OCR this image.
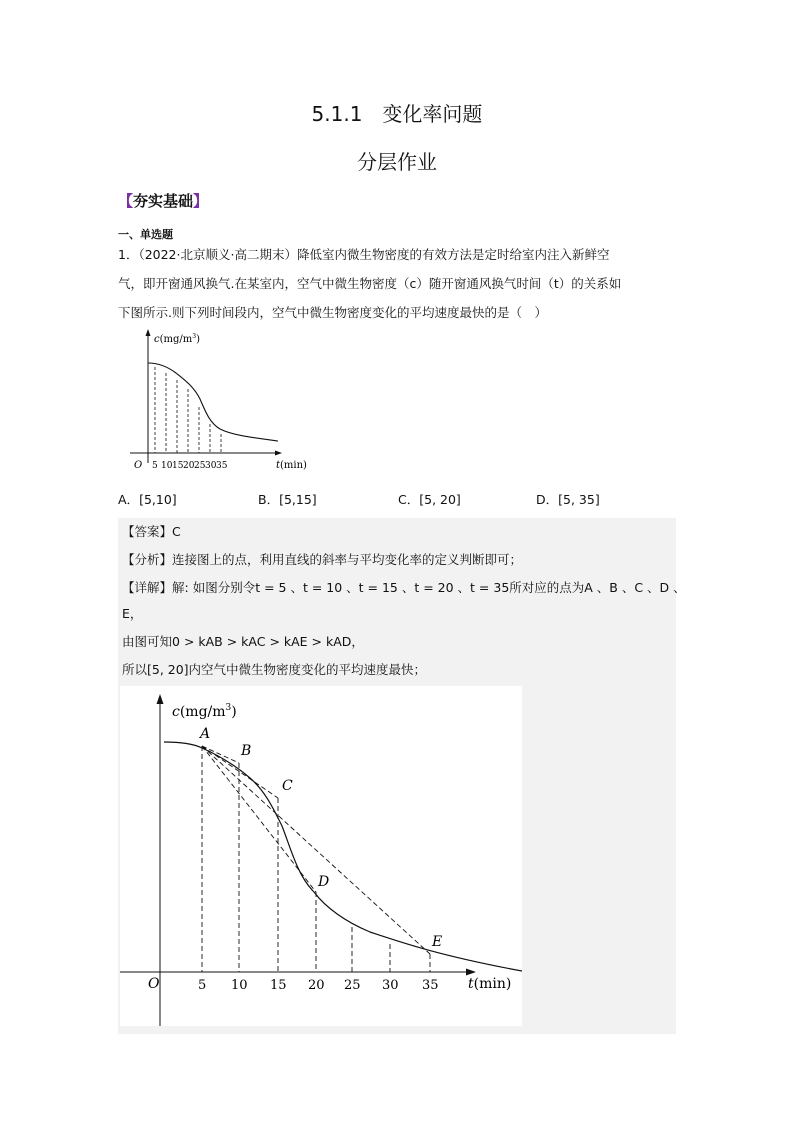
5.1.1　变化率问题
分层作业
【夯实基础】
一、单选题
1．（2022·北京顺义·高二期末）降低室内微生物密度的有效方法是定时给室内注入新鲜空
气，即开窗通风换气.在某室内，空气中微生物密度（c）随开窗通风换气时间（t）的关系如
下图所示.则下列时间段内，空气中微生物密度变化的平均速度最快的是（　）
$c(mg/m^3)$
O 5 10 15 20 25 30 35	t(min)
A．[5,10]	B．[5,15]	C．[5, 20]	D．[5, 35]
【答案】C
【分析】连接图上的点，利用直线的斜率与平均变化率的定义判断即可；
【详解】解: 如图分别令t = 5 、t = 10 、t = 15 、t = 20 、t = 35所对应的点为A 、B 、C 、D 、
E，
由图可知0 > kAB > kAC > kAE > kAD，
所以[5, 20]内空气中微生物密度变化的平均速度最快；
$c(mg/m^3)$
O	5 10 15 20 25 30 35
A
B
C
D
E
t(min)
